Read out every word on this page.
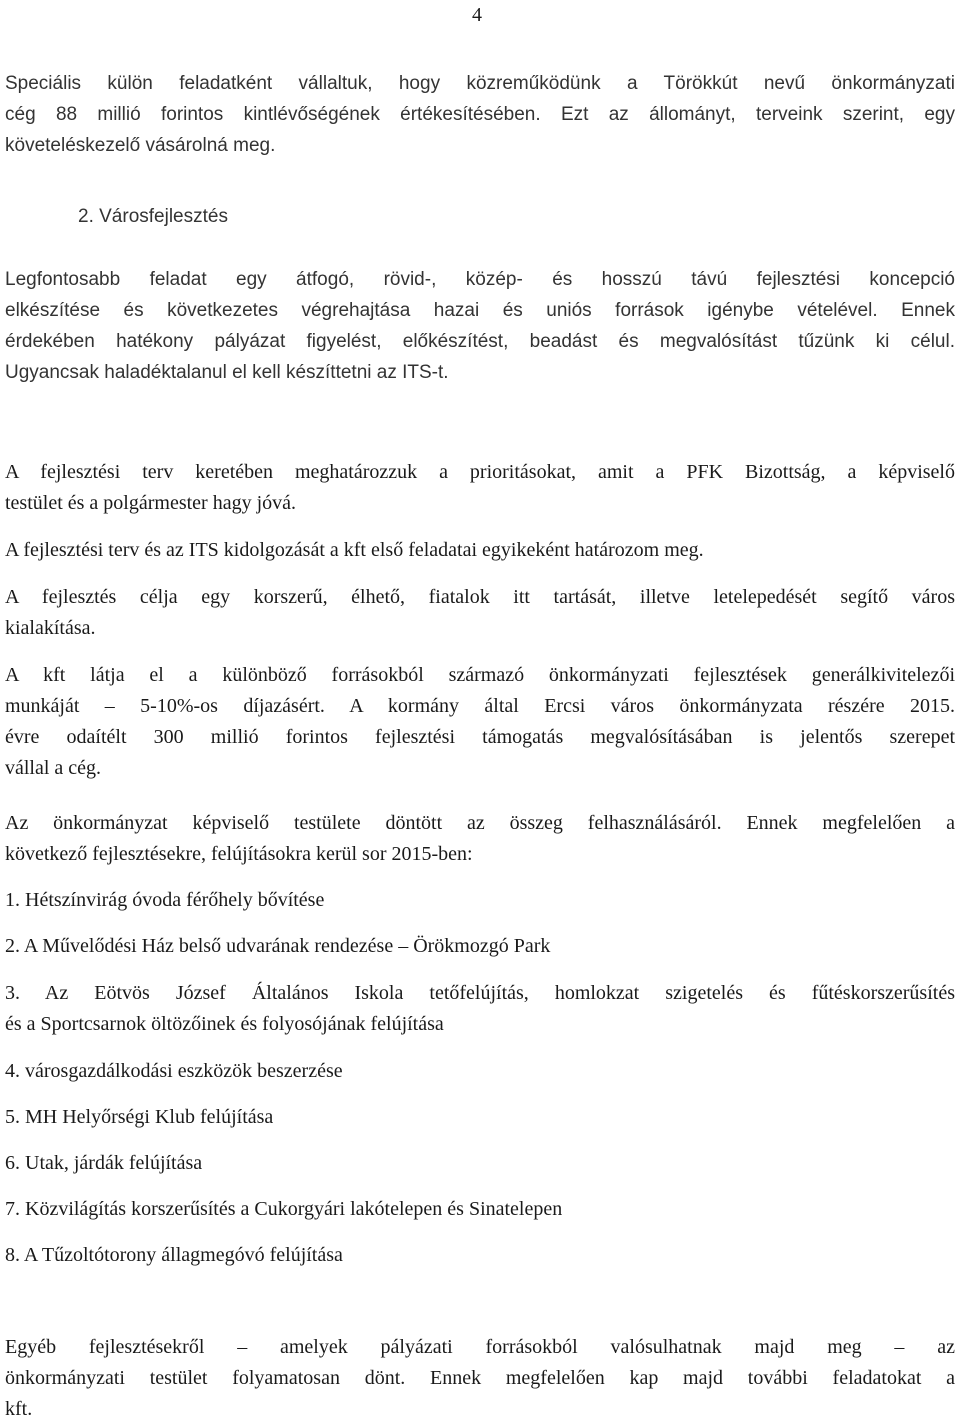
4
Speciális külön feladatként vállaltuk, hogy közreműködünk a Törökkút nevű önkormányzati
cég 88 millió forintos kintlévőségének értékesítésében. Ezt az állományt, terveink szerint, egy
követeléskezelő vásárolná meg.
2. Városfejlesztés
Legfontosabb feladat egy átfogó, rövid-, közép- és hosszú távú fejlesztési koncepció
elkészítése és következetes végrehajtása hazai és uniós források igénybe vételével. Ennek
érdekében hatékony pályázat figyelést, előkészítést, beadást és megvalósítást tűzünk ki célul.
Ugyancsak haladéktalanul el kell készíttetni az ITS-t.
A fejlesztési terv keretében meghatározzuk a prioritásokat, amit a PFK Bizottság, a képviselő
testület és a polgármester hagy jóvá.
A fejlesztési terv és az ITS kidolgozását a kft első feladatai egyikeként határozom meg.
A fejlesztés célja egy korszerű, élhető, fiatalok itt tartását, illetve letelepedését segítő város
kialakítása.
A kft látja el a különböző forrásokból származó önkormányzati fejlesztések generálkivitelezői
munkáját – 5-10%-os díjazásért. A kormány által Ercsi város önkormányzata részére 2015.
évre odaítélt 300 millió forintos fejlesztési támogatás megvalósításában is jelentős szerepet
vállal a cég.
Az önkormányzat képviselő testülete döntött az összeg felhasználásáról. Ennek megfelelően a
következő fejlesztésekre, felújításokra kerül sor 2015-ben:
1. Hétszínvirág óvoda férőhely bővítése
2. A Művelődési Ház belső udvarának rendezése – Örökmozgó Park
3. Az Eötvös József Általános Iskola tetőfelújítás, homlokzat szigetelés és fűtéskorszerűsítés
és a Sportcsarnok öltözőinek és folyosójának felújítása
4. városgazdálkodási eszközök beszerzése
5. MH Helyőrségi Klub felújítása
6. Utak, járdák felújítása
7. Közvilágítás korszerűsítés a Cukorgyári lakótelepen és Sinatelepen
8. A Tűzoltótorony állagmegóvó felújítása
Egyéb fejlesztésekről – amelyek pályázati forrásokból valósulhatnak majd meg – az
önkormányzati testület folyamatosan dönt. Ennek megfelelően kap majd további feladatokat a
kft.
